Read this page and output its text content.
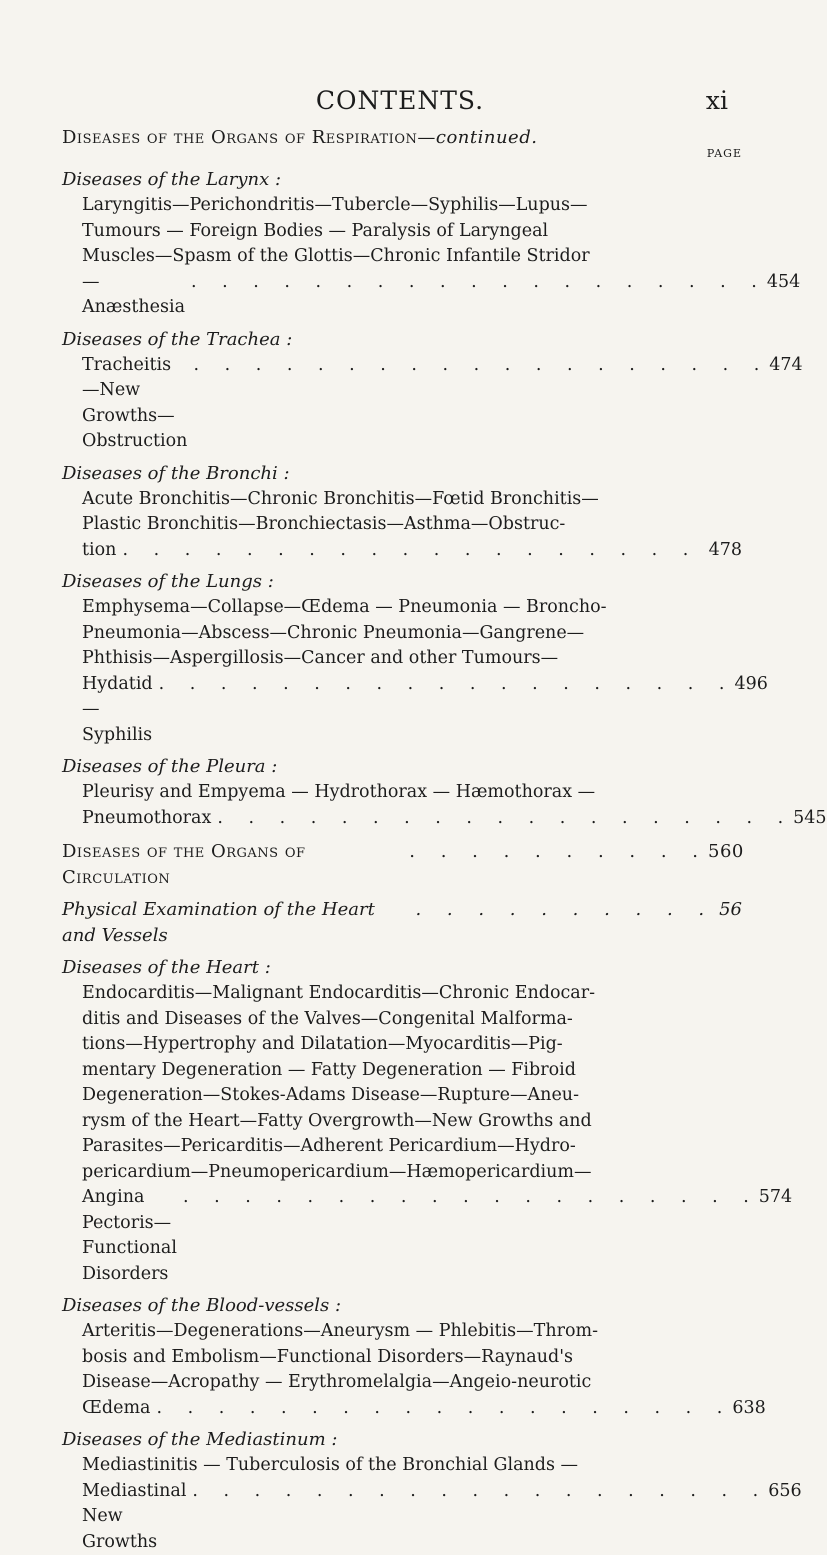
CONTENTS.	xi
Diseases of the Organs of Respiration—continued.
PAGE
Diseases of the Larynx :
Laryngitis—Perichondritis—Tubercle—Syphilis—Lupus—
Tumours — Foreign Bodies — Paralysis of Laryngeal
Muscles—Spasm of the Glottis—Chronic Infantile Stridor
—Anæsthesia
. . . . . . . . . . . . . . . . . . . 454
Diseases of the Trachea :
Tracheitis—New Growths—Obstruction
. . . . . . . . . . . . . . . . . . . 474
Diseases of the Bronchi :
Acute Bronchitis—Chronic Bronchitis—Fœtid Bronchitis—
Plastic Bronchitis—Bronchiectasis—Asthma—Obstruc-
tion . . . . . . . . . . . . . . . . . . . 478
Diseases of the Lungs :
Emphysema—Collapse—Œdema — Pneumonia — Broncho-
Pneumonia—Abscess—Chronic Pneumonia—Gangrene—
Phthisis—Aspergillosis—Cancer and other Tumours—
Hydatid—Syphilis
. . . . . . . . . . . . . . . . . . . 496
Diseases of the Pleura :
Pleurisy and Empyema — Hydrothorax — Hæmothorax —
Pneumothorax . . . . . . . . . . . . . . . . . . . 545
Diseases of the Organs of Circulation
. . . . . . . . . . 560
Physical Examination of the Heart and Vessels
. . . . . . . . . . 56
Diseases of the Heart :
Endocarditis—Malignant Endocarditis—Chronic Endocar-
ditis and Diseases of the Valves—Congenital Malforma-
tions—Hypertrophy and Dilatation—Myocarditis—Pig-
mentary Degeneration — Fatty Degeneration — Fibroid
Degeneration—Stokes-Adams Disease—Rupture—Aneu-
rysm of the Heart—Fatty Overgrowth—New Growths and
Parasites—Pericarditis—Adherent Pericardium—Hydro-
pericardium—Pneumopericardium—Hæmopericardium—
Angina Pectoris—Functional Disorders
. . . . . . . . . . . . . . . . . . . 574
Diseases of the Blood-vessels :
Arteritis—Degenerations—Aneurysm — Phlebitis—Throm-
bosis and Embolism—Functional Disorders—Raynaud's
Disease—Acropathy — Erythromelalgia—Angeio-neurotic
Œdema . . . . . . . . . . . . . . . . . . . 638
Diseases of the Mediastinum :
Mediastinitis — Tuberculosis of the Bronchial Glands —
Mediastinal New Growths
. . . . . . . . . . . . . . . . . . . 656
